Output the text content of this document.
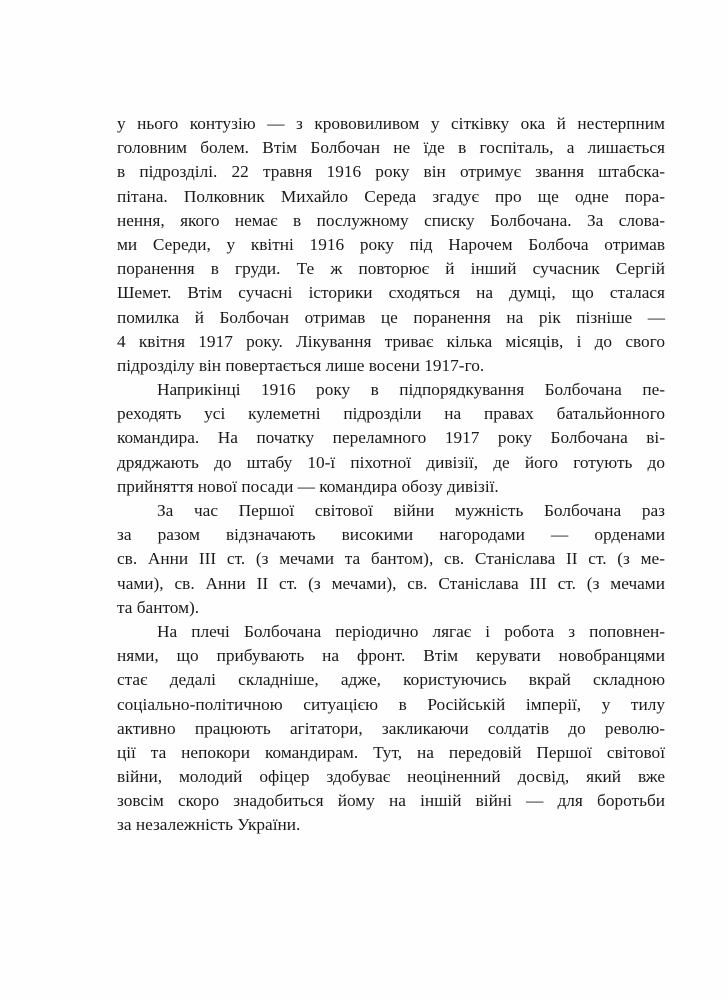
у нього контузію — з крововиливом у сітківку ока й нестерпним
головним болем. Втім Болбочан не їде в госпіталь, а лишається
в підрозділі. 22 травня 1916 року він отримує звання штабска-
пітана. Полковник Михайло Середа згадує про ще одне пора-
нення, якого немає в послужному списку Болбочана. За слова-
ми Середи, у квітні 1916 року під Нарочем Болбоча отримав
поранення в груди. Те ж повторює й інший сучасник Сергій
Шемет. Втім сучасні історики сходяться на думці, що сталася
помилка й Болбочан отримав це поранення на рік пізніше —
4 квітня 1917 року. Лікування триває кілька місяців, і до свого
підрозділу він повертається лише восени 1917-го.
Наприкінці 1916 року в підпорядкування Болбочана пе-
реходять усі кулеметні підрозділи на правах батальйонного
командира. На початку переламного 1917 року Болбочана ві-
дряджають до штабу 10-ї піхотної дивізії, де його готують до
прийняття нової посади — командира обозу дивізії.
За час Першої світової війни мужність Болбочана раз
за разом відзначають високими нагородами — орденами
св. Анни III ст. (з мечами та бантом), св. Станіслава II ст. (з ме-
чами), св. Анни II ст. (з мечами), св. Станіслава III ст. (з мечами
та бантом).
На плечі Болбочана періодично лягає і робота з поповнен-
нями, що прибувають на фронт. Втім керувати новобранцями
стає дедалі складніше, адже, користуючись вкрай складною
соціально-політичною ситуацією в Російській імперії, у тилу
активно працюють агітатори, закликаючи солдатів до револю-
ції та непокори командирам. Тут, на передовій Першої світової
війни, молодий офіцер здобуває неоціненний досвід, який вже
зовсім скоро знадобиться йому на іншій війні — для боротьби
за незалежність України.
